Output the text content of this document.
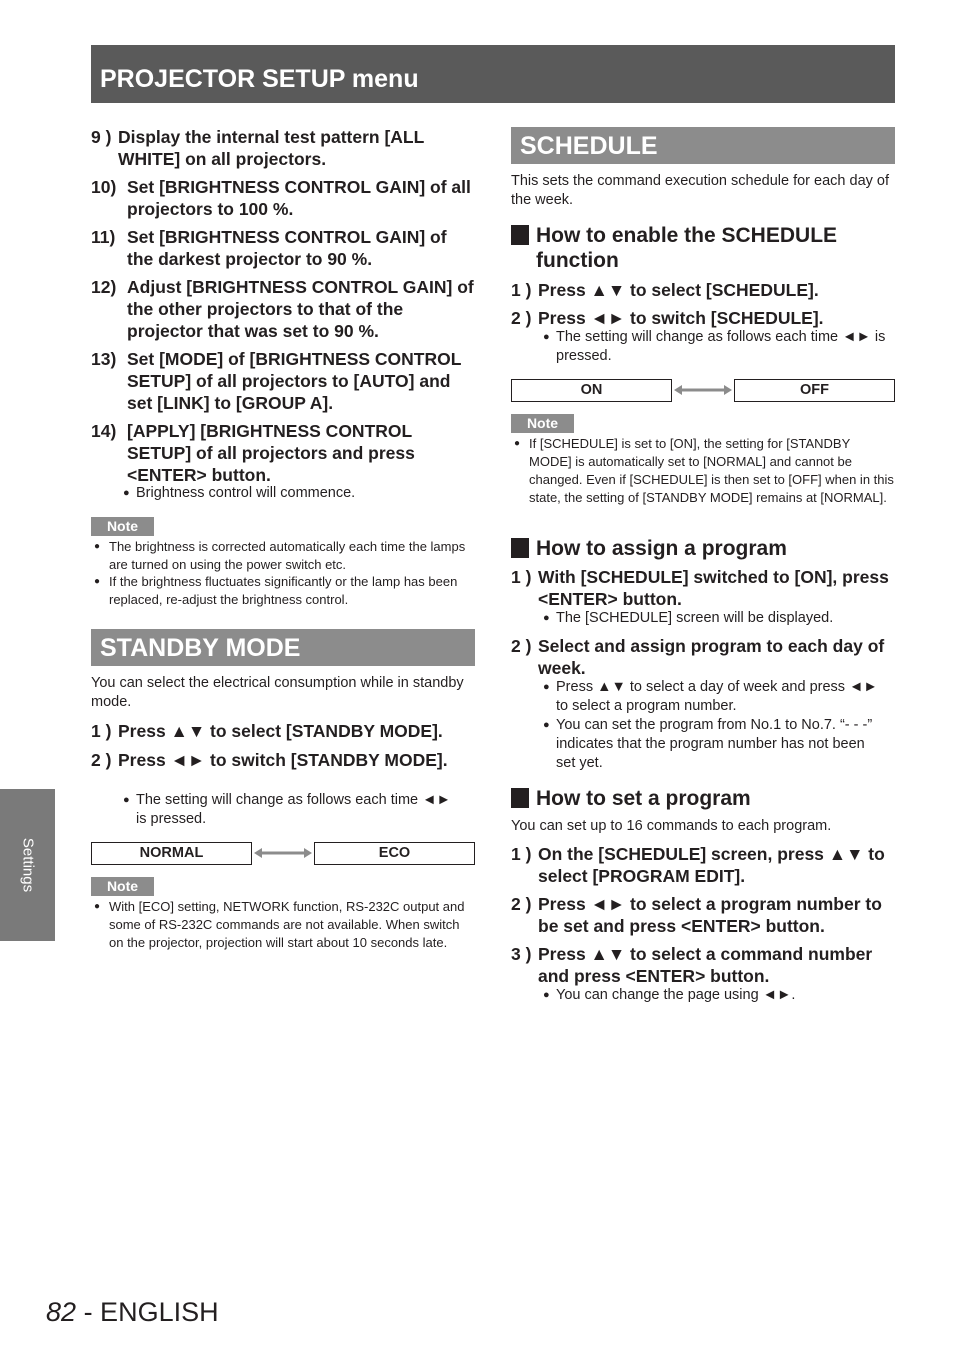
PROJECTOR SETUP menu
9 ) Display the internal test pattern [ALL WHITE] on all projectors.
10) Set [BRIGHTNESS CONTROL GAIN] of all projectors to 100 %.
11) Set [BRIGHTNESS CONTROL GAIN] of the darkest projector to 90 %.
12) Adjust [BRIGHTNESS CONTROL GAIN] of the other projectors to that of the projector that was set to 90 %.
13) Set [MODE] of [BRIGHTNESS CONTROL SETUP] of all projectors to [AUTO] and set [LINK] to [GROUP A].
14) [APPLY] [BRIGHTNESS CONTROL SETUP] of all projectors and press <ENTER> button.
● Brightness control will commence.
Note
● The brightness is corrected automatically each time the lamps are turned on using the power switch etc.
● If the brightness fluctuates significantly or the lamp has been replaced, re-adjust the brightness control.
STANDBY MODE
You can select the electrical consumption while in standby mode.
1 ) Press ▲▼ to select [STANDBY MODE].
2 ) Press ◄► to switch [STANDBY MODE].
● The setting will change as follows each time ◄► is pressed.
NORMAL	ECO
Note
● With [ECO] setting, NETWORK function, RS-232C output and some of RS-232C commands are not available. When switch on the projector, projection will start about 10 seconds late.
SCHEDULE
This sets the command execution schedule for each day of the week.
How to enable the SCHEDULE function
1 ) Press ▲▼ to select [SCHEDULE].
2 ) Press ◄► to switch [SCHEDULE].
● The setting will change as follows each time ◄► is pressed.
ON	OFF
Note
● If [SCHEDULE] is set to [ON], the setting for [STANDBY MODE] is automatically set to [NORMAL] and cannot be changed. Even if [SCHEDULE] is then set to [OFF] when in this state, the setting of [STANDBY MODE] remains at [NORMAL].
How to assign a program
1 ) With [SCHEDULE] switched to [ON], press <ENTER> button.
● The [SCHEDULE] screen will be displayed.
2 ) Select and assign program to each day of week.
● Press ▲▼ to select a day of week and press ◄► to select a program number.
● You can set the program from No.1 to No.7. “- - -” indicates that the program number has not been set yet.
How to set a program
You can set up to 16 commands to each program.
1 ) On the [SCHEDULE] screen, press ▲▼ to select [PROGRAM EDIT].
2 ) Press ◄► to select a program number to be set and press <ENTER> button.
3 ) Press ▲▼ to select a command number and press <ENTER> button.
● You can change the page using ◄►.
Settings
82 - ENGLISH
